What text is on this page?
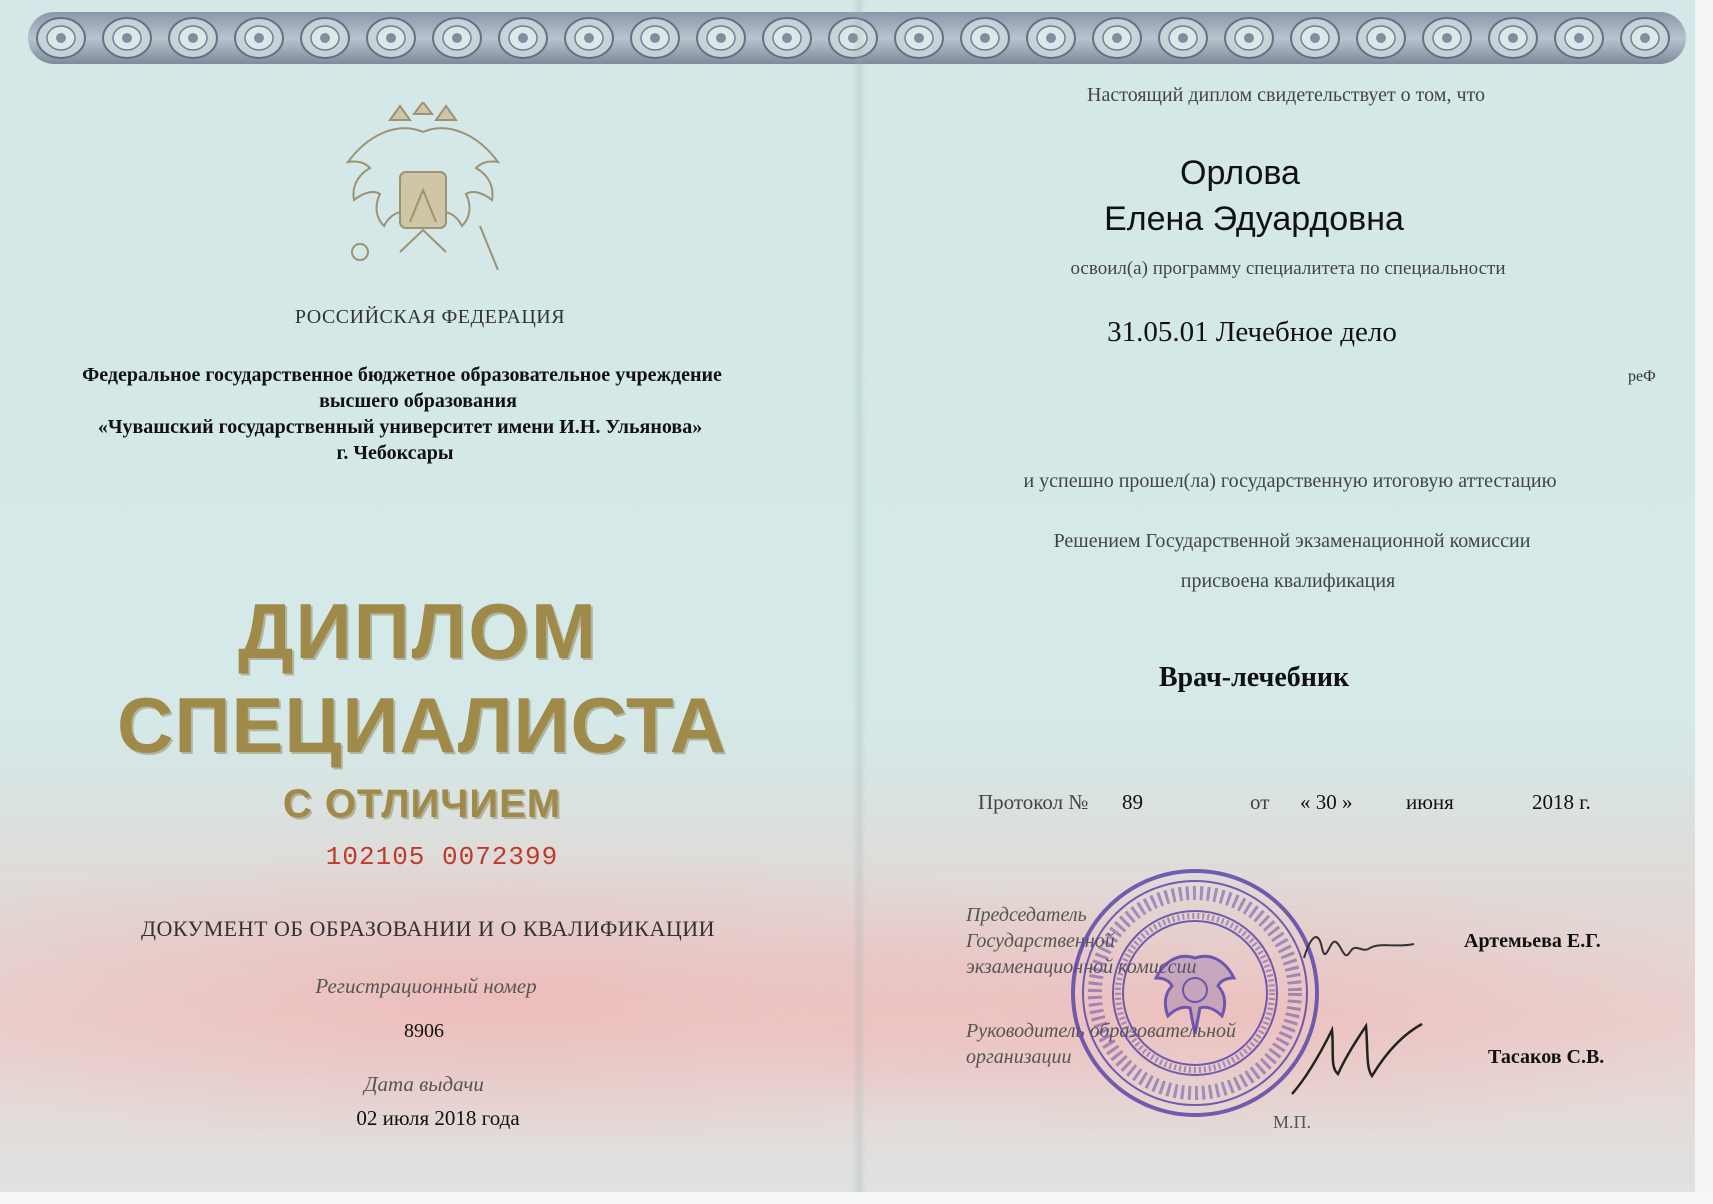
РОССИЙСКАЯ ФЕДЕРАЦИЯ
Федеральное государственное бюджетное образовательное учреждение
высшего образования
«Чувашский государственный университет имени И.Н. Ульянова»
г. Чебоксары
ДИПЛОМ
СПЕЦИАЛИСТА
С ОТЛИЧИЕМ
102105 0072399
ДОКУМЕНТ ОБ ОБРАЗОВАНИИ И О КВАЛИФИКАЦИИ
Регистрационный номер
8906
Дата выдачи
02 июля 2018 года
Настоящий диплом свидетельствует о том, что
Орлова
Елена Эдуардовна
освоил(а) программу специалитета по специальности
31.05.01 Лечебное дело
реФ
и успешно прошел(ла) государственную итоговую аттестацию
Решением Государственной экзаменационной комиссии
присвоена квалификация
Врач-лечебник
Протокол № 89	от « 30 »	июня	2018 г.
Председатель
Государственной
экзаменационной комиссии
Артемьева Е.Г.
Руководитель образовательной
организации	Тасаков С.В.
М.П.
